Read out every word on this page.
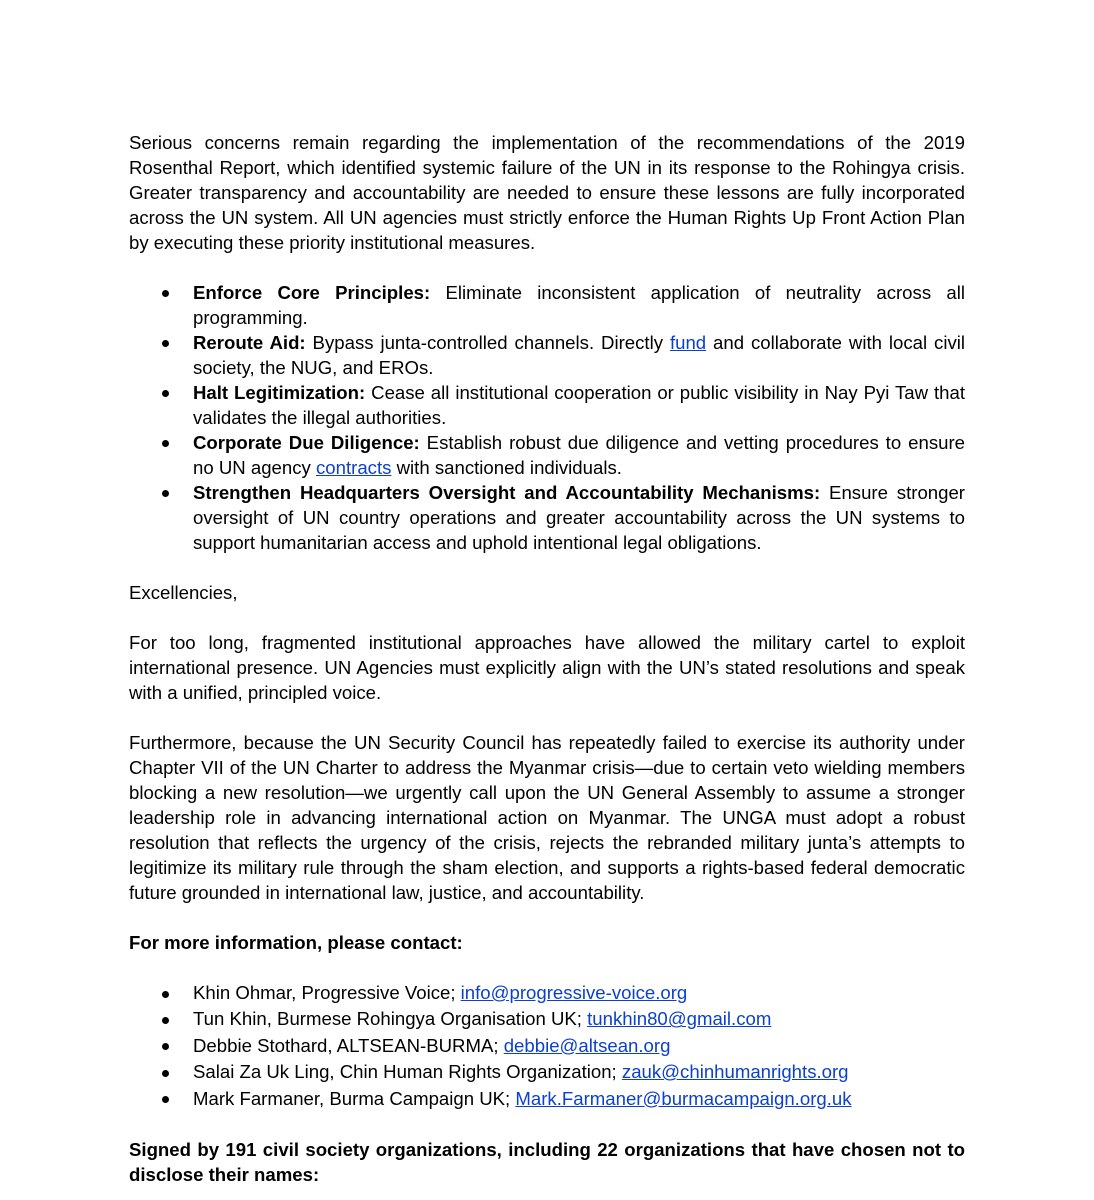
Serious concerns remain regarding the implementation of the recommendations of the 2019 Rosenthal Report, which identified systemic failure of the UN in its response to the Rohingya crisis. Greater transparency and accountability are needed to ensure these lessons are fully incorporated across the UN system. All UN agencies must strictly enforce the Human Rights Up Front Action Plan by executing these priority institutional measures.

Enforce Core Principles: Eliminate inconsistent application of neutrality across all programming.
Reroute Aid: Bypass junta-controlled channels. Directly fund and collaborate with local civil society, the NUG, and EROs.
Halt Legitimization: Cease all institutional cooperation or public visibility in Nay Pyi Taw that validates the illegal authorities.
Corporate Due Diligence: Establish robust due diligence and vetting procedures to ensure no UN agency contracts with sanctioned individuals.
Strengthen Headquarters Oversight and Accountability Mechanisms: Ensure stronger oversight of UN country operations and greater accountability across the UN systems to support humanitarian access and uphold intentional legal obligations.

Excellencies,

For too long, fragmented institutional approaches have allowed the military cartel to exploit international presence. UN Agencies must explicitly align with the UN’s stated resolutions and speak with a unified, principled voice.

Furthermore, because the UN Security Council has repeatedly failed to exercise its authority under Chapter VII of the UN Charter to address the Myanmar crisis—due to certain veto wielding members blocking a new resolution—we urgently call upon the UN General Assembly to assume a stronger leadership role in advancing international action on Myanmar. The UNGA must adopt a robust resolution that reflects the urgency of the crisis, rejects the rebranded military junta’s attempts to legitimize its military rule through the sham election, and supports a rights-based federal democratic future grounded in international law, justice, and accountability.

For more information, please contact:

Khin Ohmar, Progressive Voice; info@progressive-voice.org
Tun Khin, Burmese Rohingya Organisation UK; tunkhin80@gmail.com
Debbie Stothard, ALTSEAN-BURMA; debbie@altsean.org
Salai Za Uk Ling, Chin Human Rights Organization; zauk@chinhumanrights.org
Mark Farmaner, Burma Campaign UK; Mark.Farmaner@burmacampaign.org.uk

Signed by 191 civil society organizations, including 22 organizations that have chosen not to disclose their names:
